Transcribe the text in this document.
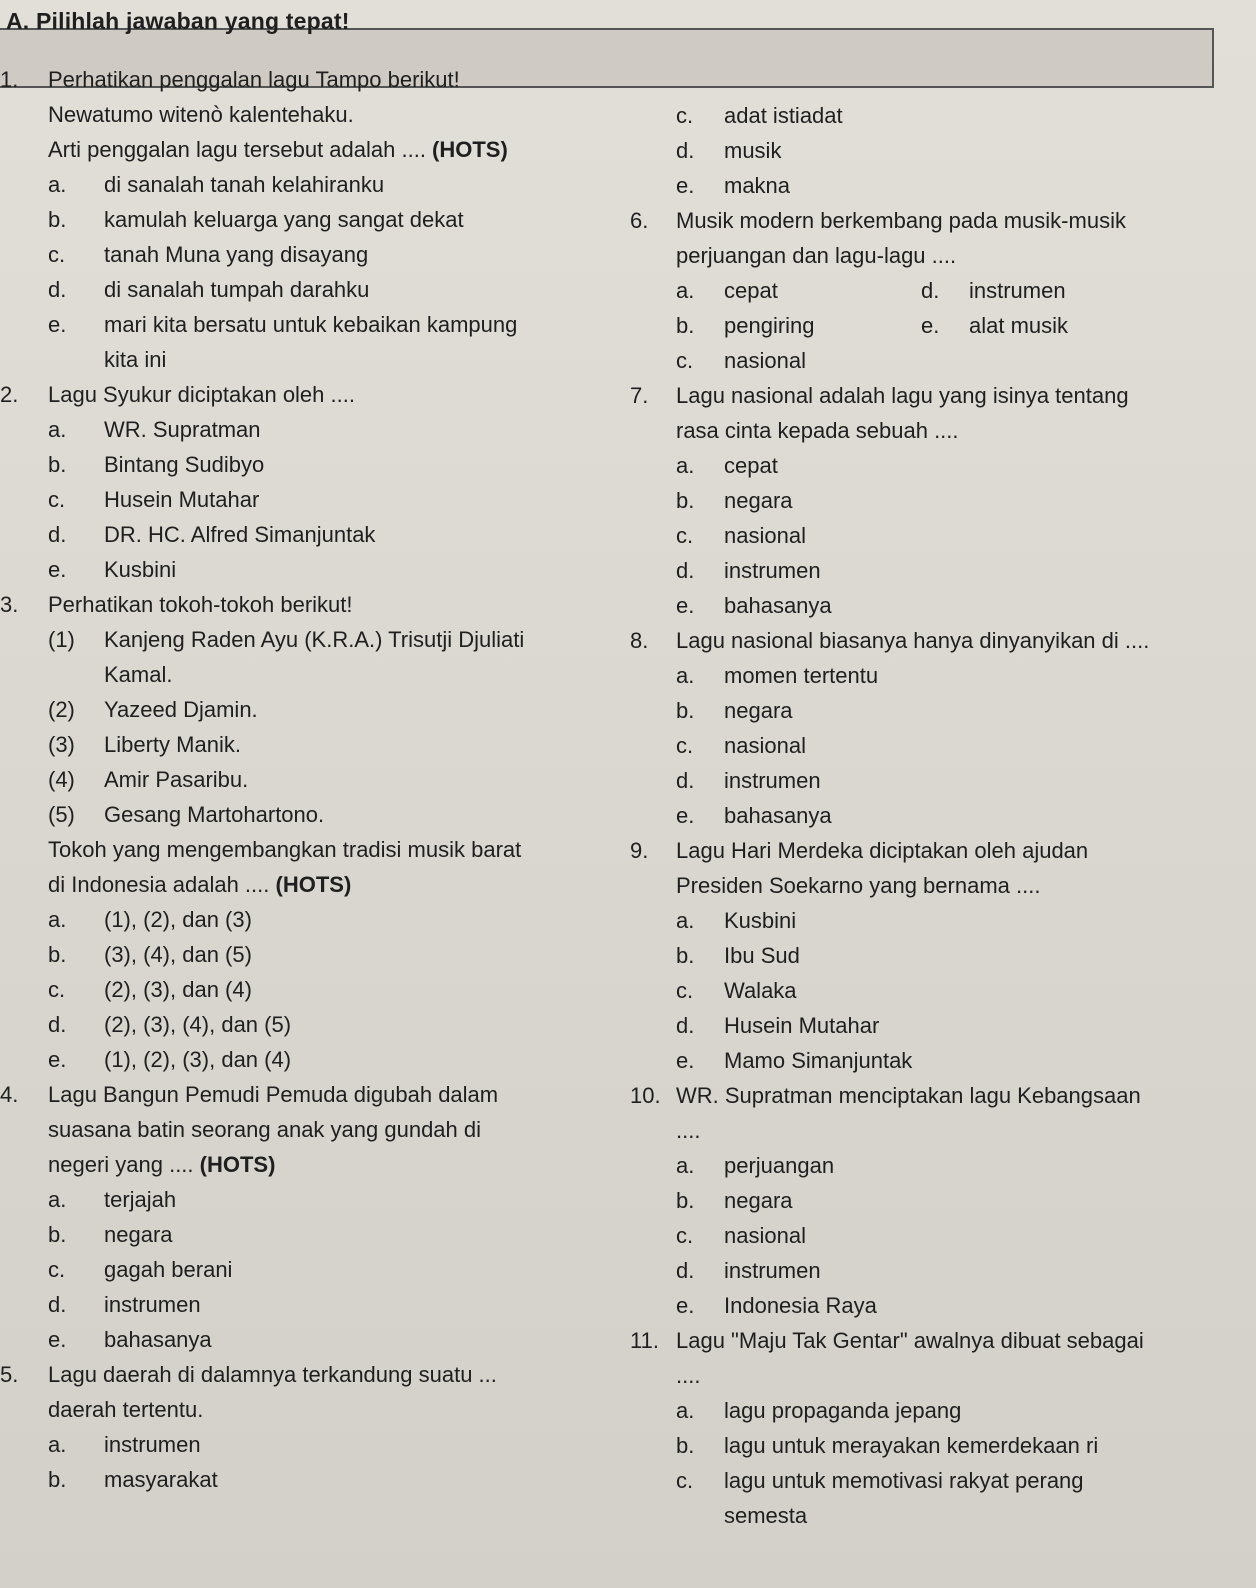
A. Pilihlah jawaban yang tepat!
1. Perhatikan penggalan lagu Tampo berikut!
Newatumo witenò kalentehaku.
Arti penggalan lagu tersebut adalah .... (HOTS)
a.	di sanalah tanah kelahiranku
b.	kamulah keluarga yang sangat dekat
c.	tanah Muna yang disayang
d.	di sanalah tumpah darahku
e.	mari kita bersatu untuk kebaikan kampung
kita ini
2. Lagu Syukur diciptakan oleh ....
a.	WR. Supratman
b.	Bintang Sudibyo
c.	Husein Mutahar
d.	DR. HC. Alfred Simanjuntak
e.	Kusbini
3. Perhatikan tokoh-tokoh berikut!
(1)	Kanjeng Raden Ayu (K.R.A.) Trisutji Djuliati
Kamal.
(2)	Yazeed Djamin.
(3)	Liberty Manik.
(4)	Amir Pasaribu.
(5)	Gesang Martohartono.
Tokoh yang mengembangkan tradisi musik barat
di Indonesia adalah .... (HOTS)
a.	(1), (2), dan (3)
b.	(3), (4), dan (5)
c.	(2), (3), dan (4)
d.	(2), (3), (4), dan (5)
e.	(1), (2), (3), dan (4)
4. Lagu Bangun Pemudi Pemuda digubah dalam
suasana batin seorang anak yang gundah di
negeri yang .... (HOTS)
a.	terjajah
b.	negara
c.	gagah berani
d.	instrumen
e.	bahasanya
5. Lagu daerah di dalamnya terkandung suatu ...
daerah tertentu.
a.	instrumen
b.	masyarakat
c.	adat istiadat
d.	musik
e.	makna
6. Musik modern berkembang pada musik-musik
perjuangan dan lagu-lagu ....
a.	cepat	d.	instrumen
b.	pengiring	e.	alat musik
c.	nasional
7. Lagu nasional adalah lagu yang isinya tentang
rasa cinta kepada sebuah ....
a.	cepat
b.	negara
c.	nasional
d.	instrumen
e.	bahasanya
8. Lagu nasional biasanya hanya dinyanyikan di ....
a.	momen tertentu
b.	negara
c.	nasional
d.	instrumen
e.	bahasanya
9. Lagu Hari Merdeka diciptakan oleh ajudan
Presiden Soekarno yang bernama ....
a.	Kusbini
b.	Ibu Sud
c.	Walaka
d.	Husein Mutahar
e.	Mamo Simanjuntak
10. WR. Supratman menciptakan lagu Kebangsaan
....
a.	perjuangan
b.	negara
c.	nasional
d.	instrumen
e.	Indonesia Raya
11. Lagu "Maju Tak Gentar" awalnya dibuat sebagai
....
a.	lagu propaganda jepang
b.	lagu untuk merayakan kemerdekaan ri
c.	lagu untuk memotivasi rakyat perang
semesta
